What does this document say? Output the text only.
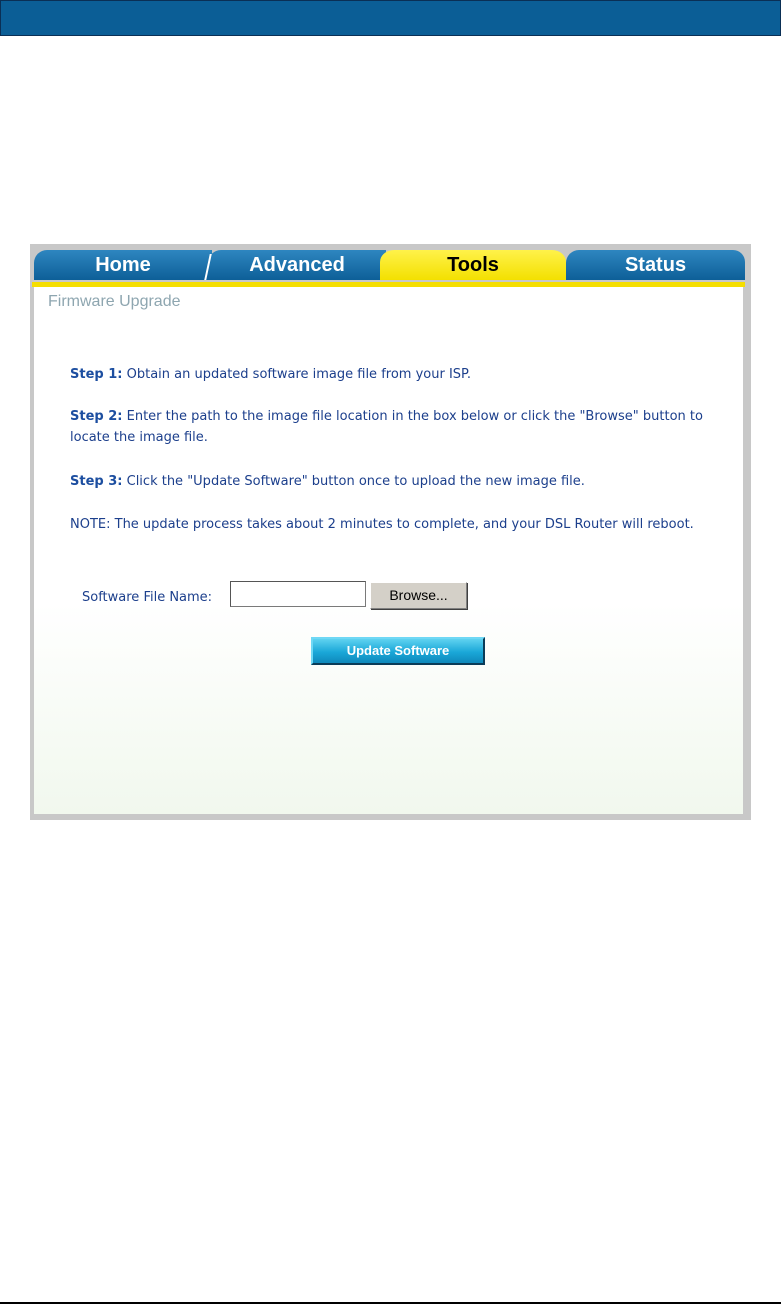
Home	Advanced	Tools	Status
Firmware Upgrade
Step 1: Obtain an updated software image file from your ISP.
Step 2: Enter the path to the image file location in the box below or click the "Browse" button to locate the image file.
Step 3: Click the "Update Software" button once to upload the new image file.
NOTE: The update process takes about 2 minutes to complete, and your DSL Router will reboot.
Software File Name:	Browse...
Update Software
